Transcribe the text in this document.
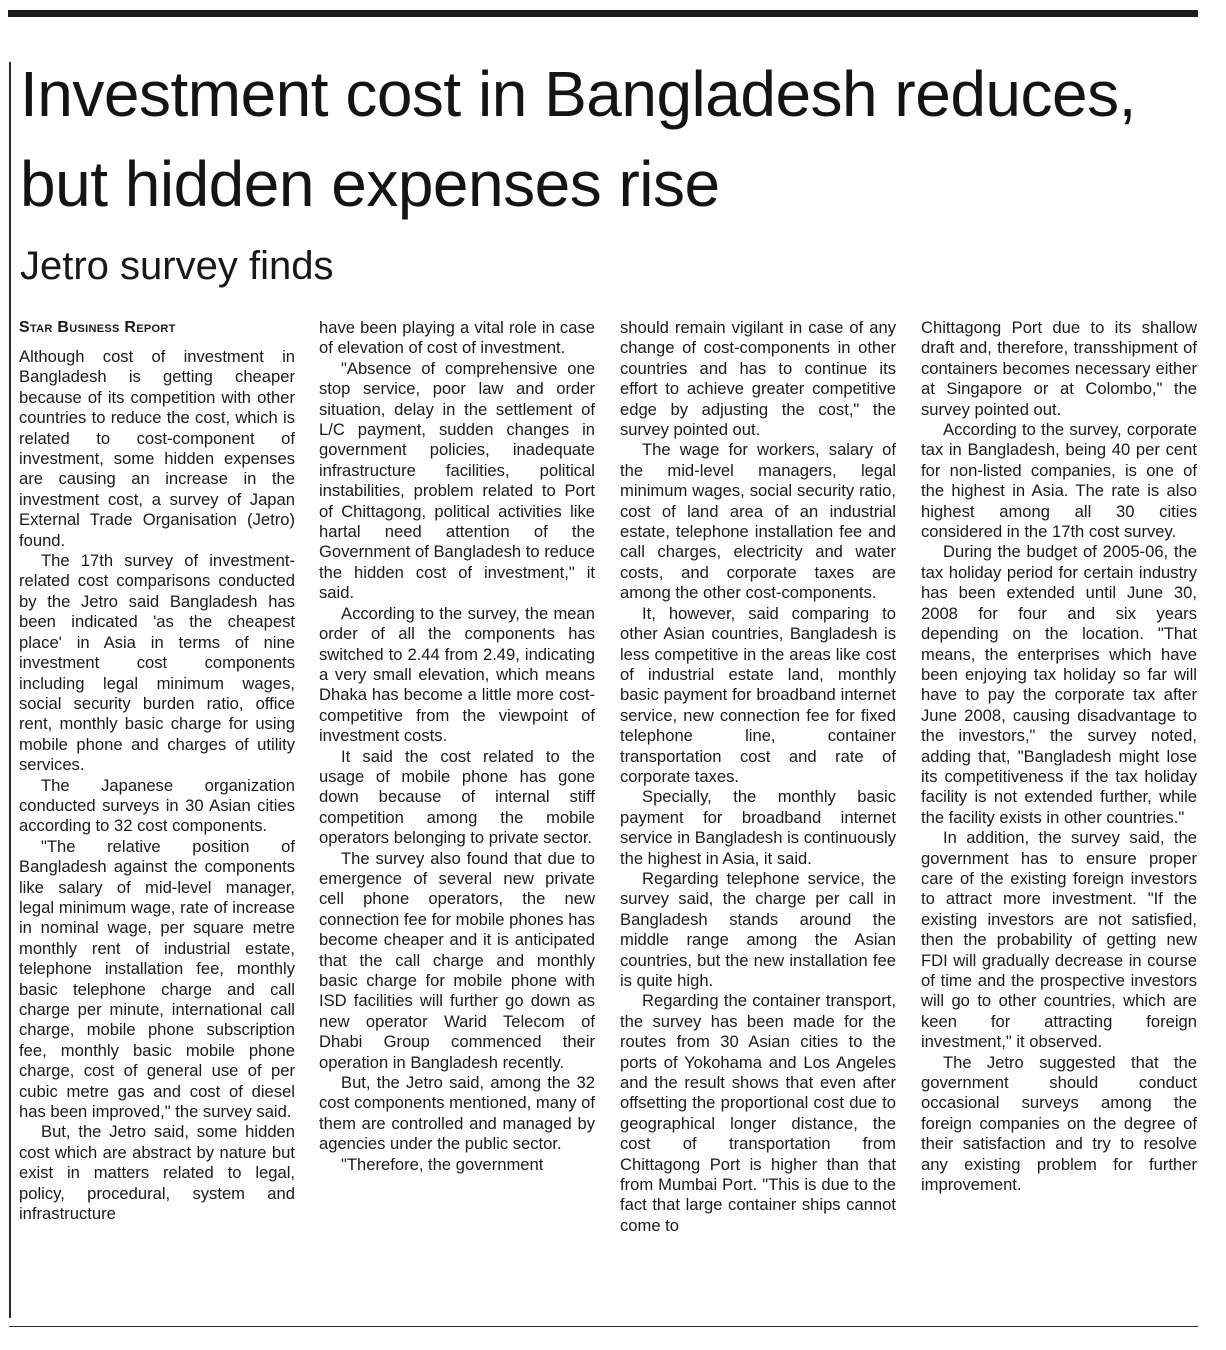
Investment cost in Bangladesh reduces, but hidden expenses rise
Jetro survey finds
Star Business Report

Although cost of investment in Bangladesh is getting cheaper because of its competition with other countries to reduce the cost, which is related to cost-component of investment, some hidden expenses are causing an increase in the investment cost, a survey of Japan External Trade Organisation (Jetro) found.

The 17th survey of investment-related cost comparisons conducted by the Jetro said Bangladesh has been indicated 'as the cheapest place' in Asia in terms of nine investment cost components including legal minimum wages, social security burden ratio, office rent, monthly basic charge for using mobile phone and charges of utility services.

The Japanese organization conducted surveys in 30 Asian cities according to 32 cost components.

"The relative position of Bangladesh against the components like salary of mid-level manager, legal minimum wage, rate of increase in nominal wage, per square metre monthly rent of industrial estate, telephone installation fee, monthly basic telephone charge and call charge per minute, international call charge, mobile phone subscription fee, monthly basic mobile phone charge, cost of general use of per cubic metre gas and cost of diesel has been improved," the survey said.

But, the Jetro said, some hidden cost which are abstract by nature but exist in matters related to legal, policy, procedural, system and infrastructure

have been playing a vital role in case of elevation of cost of investment.

"Absence of comprehensive one stop service, poor law and order situation, delay in the settlement of L/C payment, sudden changes in government policies, inadequate infrastructure facilities, political instabilities, problem related to Port of Chittagong, political activities like hartal need attention of the Government of Bangladesh to reduce the hidden cost of investment," it said.

According to the survey, the mean order of all the components has switched to 2.44 from 2.49, indicating a very small elevation, which means Dhaka has become a little more cost-competitive from the viewpoint of investment costs.

It said the cost related to the usage of mobile phone has gone down because of internal stiff competition among the mobile operators belonging to private sector.

The survey also found that due to emergence of several new private cell phone operators, the new connection fee for mobile phones has become cheaper and it is anticipated that the call charge and monthly basic charge for mobile phone with ISD facilities will further go down as new operator Warid Telecom of Dhabi Group commenced their operation in Bangladesh recently.

But, the Jetro said, among the 32 cost components mentioned, many of them are controlled and managed by agencies under the public sector.

"Therefore, the government

should remain vigilant in case of any change of cost-components in other countries and has to continue its effort to achieve greater competitive edge by adjusting the cost," the survey pointed out.

The wage for workers, salary of the mid-level managers, legal minimum wages, social security ratio, cost of land area of an industrial estate, telephone installation fee and call charges, electricity and water costs, and corporate taxes are among the other cost-components.

It, however, said comparing to other Asian countries, Bangladesh is less competitive in the areas like cost of industrial estate land, monthly basic payment for broadband internet service, new connection fee for fixed telephone line, container transportation cost and rate of corporate taxes.

Specially, the monthly basic payment for broadband internet service in Bangladesh is continuously the highest in Asia, it said.

Regarding telephone service, the survey said, the charge per call in Bangladesh stands around the middle range among the Asian countries, but the new installation fee is quite high.

Regarding the container transport, the survey has been made for the routes from 30 Asian cities to the ports of Yokohama and Los Angeles and the result shows that even after offsetting the proportional cost due to geographical longer distance, the cost of transportation from Chittagong Port is higher than that from Mumbai Port. "This is due to the fact that large container ships cannot come to

Chittagong Port due to its shallow draft and, therefore, transshipment of containers becomes necessary either at Singapore or at Colombo," the survey pointed out.

According to the survey, corporate tax in Bangladesh, being 40 per cent for non-listed companies, is one of the highest in Asia. The rate is also highest among all 30 cities considered in the 17th cost survey.

During the budget of 2005-06, the tax holiday period for certain industry has been extended until June 30, 2008 for four and six years depending on the location. "That means, the enterprises which have been enjoying tax holiday so far will have to pay the corporate tax after June 2008, causing disadvantage to the investors," the survey noted, adding that, "Bangladesh might lose its competitiveness if the tax holiday facility is not extended further, while the facility exists in other countries."

In addition, the survey said, the government has to ensure proper care of the existing foreign investors to attract more investment. "If the existing investors are not satisfied, then the probability of getting new FDI will gradually decrease in course of time and the prospective investors will go to other countries, which are keen for attracting foreign investment," it observed.

The Jetro suggested that the government should conduct occasional surveys among the foreign companies on the degree of their satisfaction and try to resolve any existing problem for further improvement.
